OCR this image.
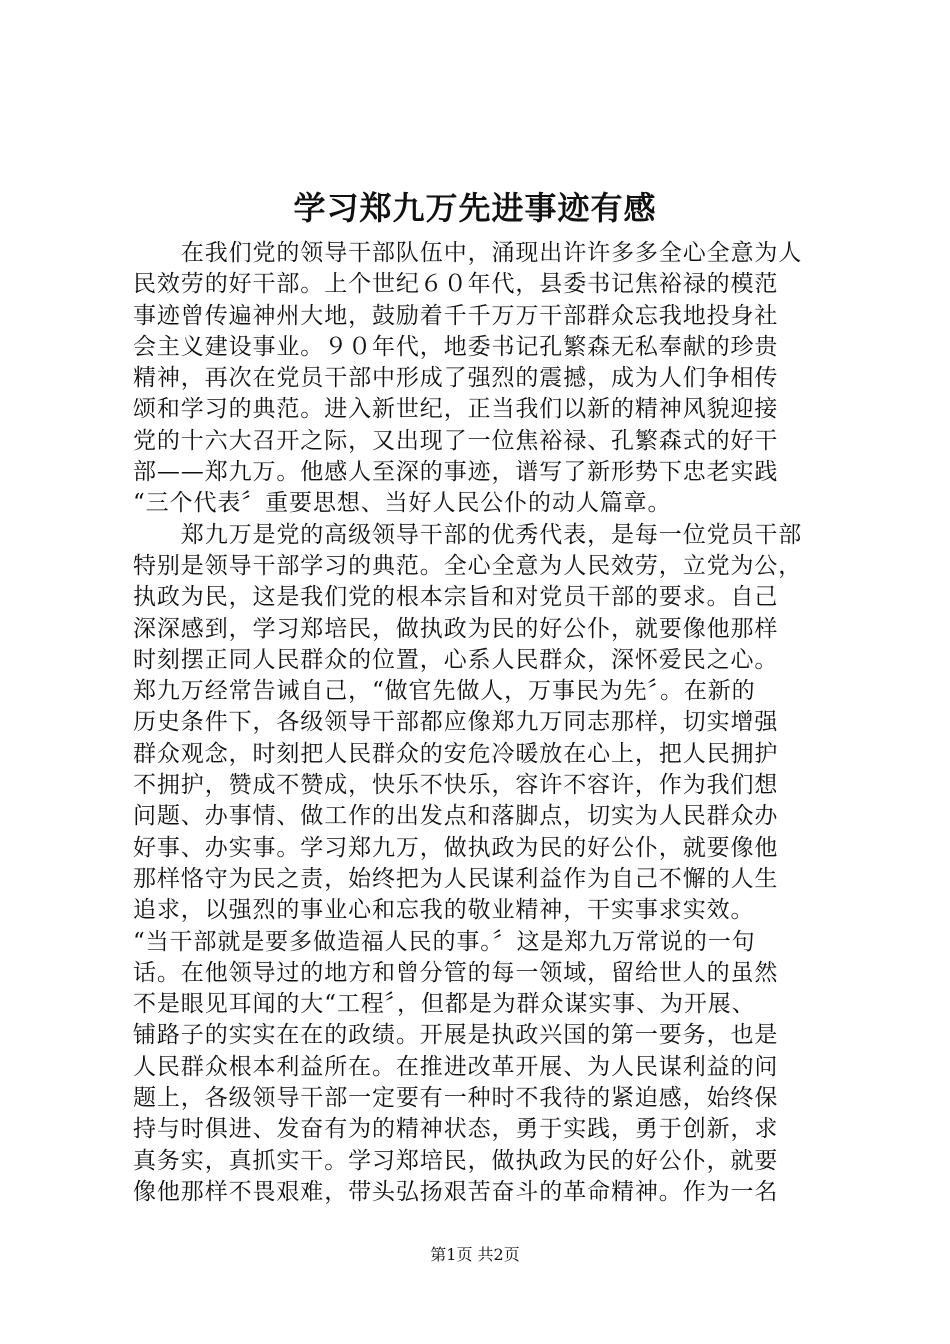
学习郑九万先进事迹有感
　　在我们党的领导干部队伍中，涌现出许许多多全心全意为人
民效劳的好干部。上个世纪６０年代，县委书记焦裕禄的模范
事迹曾传遍神州大地，鼓励着千千万万干部群众忘我地投身社
会主义建设事业。９０年代，地委书记孔繁森无私奉献的珍贵
精神，再次在党员干部中形成了强烈的震撼，成为人们争相传
颂和学习的典范。进入新世纪，正当我们以新的精神风貌迎接
党的十六大召开之际，又出现了一位焦裕禄、孔繁森式的好干
部——郑九万。他感人至深的事迹，谱写了新形势下忠老实践
“三个代表〞重要思想、当好人民公仆的动人篇章。
　　郑九万是党的高级领导干部的优秀代表，是每一位党员干部
特别是领导干部学习的典范。全心全意为人民效劳，立党为公，
执政为民，这是我们党的根本宗旨和对党员干部的要求。自己
深深感到，学习郑培民，做执政为民的好公仆，就要像他那样
时刻摆正同人民群众的位置，心系人民群众，深怀爱民之心。
郑九万经常告诫自己，“做官先做人，万事民为先〞。在新的
历史条件下，各级领导干部都应像郑九万同志那样，切实增强
群众观念，时刻把人民群众的安危冷暖放在心上，把人民拥护
不拥护，赞成不赞成，快乐不快乐，容许不容许，作为我们想
问题、办事情、做工作的出发点和落脚点，切实为人民群众办
好事、办实事。学习郑九万，做执政为民的好公仆，就要像他
那样恪守为民之责，始终把为人民谋利益作为自己不懈的人生
追求，以强烈的事业心和忘我的敬业精神，干实事求实效。
“当干部就是要多做造福人民的事。〞这是郑九万常说的一句
话。在他领导过的地方和曾分管的每一领域，留给世人的虽然
不是眼见耳闻的大“工程〞，但都是为群众谋实事、为开展、
铺路子的实实在在的政绩。开展是执政兴国的第一要务，也是
人民群众根本利益所在。在推进改革开展、为人民谋利益的问
题上，各级领导干部一定要有一种时不我待的紧迫感，始终保
持与时俱进、发奋有为的精神状态，勇于实践，勇于创新，求
真务实，真抓实干。学习郑培民，做执政为民的好公仆，就要
像他那样不畏艰难，带头弘扬艰苦奋斗的革命精神。作为一名
第1页 共2页
